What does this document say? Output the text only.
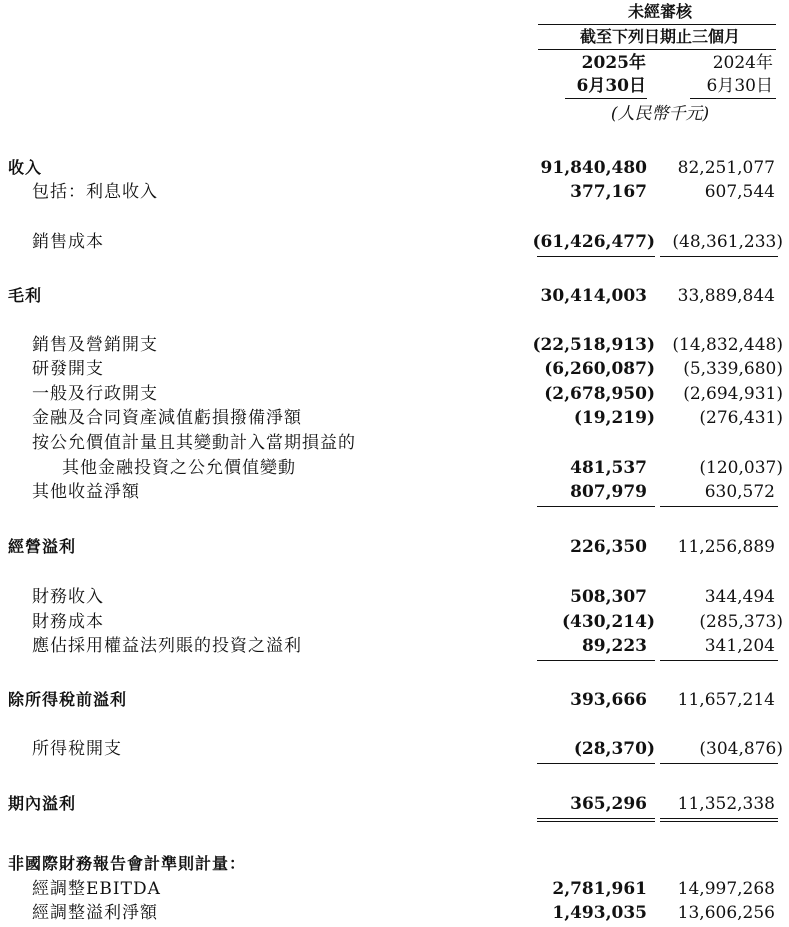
未經審核
截至下列日期止三個月
2025年
6月30日
2024年
6月30日
(人民幣千元)
收入	91,840,480	82,251,077
包括：利息收入	377,167	607,544
銷售成本	(61,426,477)	(48,361,233)
毛利	30,414,003	33,889,844
銷售及營銷開支	(22,518,913)	(14,832,448)
研發開支	(6,260,087)	(5,339,680)
一般及行政開支	(2,678,950)	(2,694,931)
金融及合同資產減值虧損撥備淨額	(19,219)	(276,431)
按公允價值計量且其變動計入當期損益的
其他金融投資之公允價值變動	481,537	(120,037)
其他收益淨額	807,979	630,572
經營溢利	226,350	11,256,889
財務收入	508,307	344,494
財務成本	(430,214)	(285,373)
應佔採用權益法列賬的投資之溢利	89,223	341,204
除所得稅前溢利	393,666	11,657,214
所得稅開支	(28,370)	(304,876)
期內溢利	365,296	11,352,338
非國際財務報告會計準則計量：
經調整EBITDA	2,781,961	14,997,268
經調整溢利淨額	1,493,035	13,606,256
